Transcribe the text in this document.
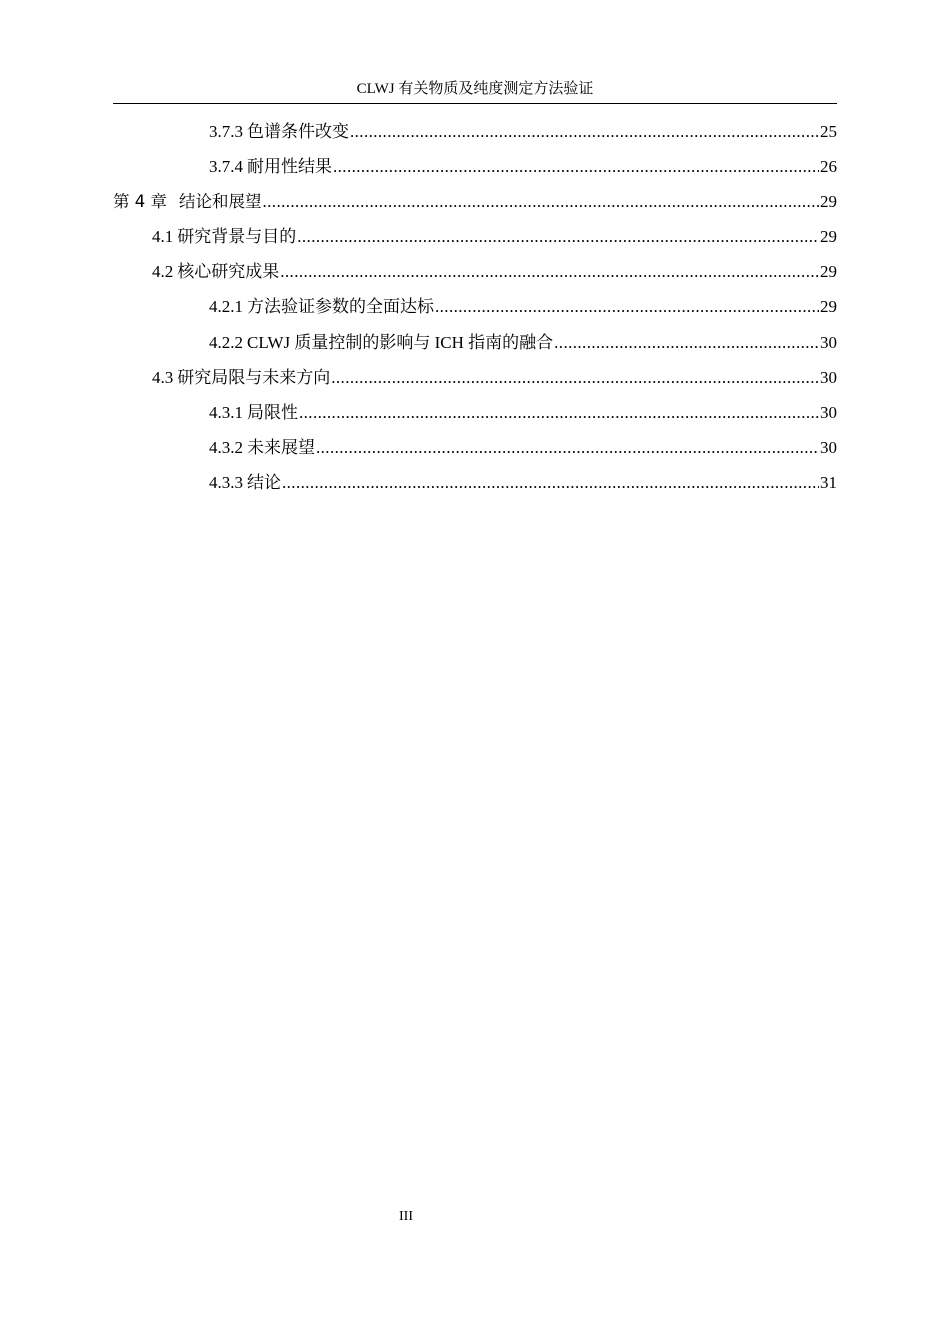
CLWJ 有关物质及纯度测定方法验证
3.7.3 色谱条件改变 .....	25
3.7.4 耐用性结果 .....	26
第 4 章 结论和展望 .....	29
4.1 研究背景与目的 .....	29
4.2 核心研究成果 .....	29
4.2.1 方法验证参数的全面达标 .....	29
4.2.2 CLWJ 质量控制的影响与 ICH 指南的融合 .....	30
4.3 研究局限与未来方向 .....	30
4.3.1 局限性 .....	30
4.3.2 未来展望 .....	30
4.3.3 结论 .....	31
III
